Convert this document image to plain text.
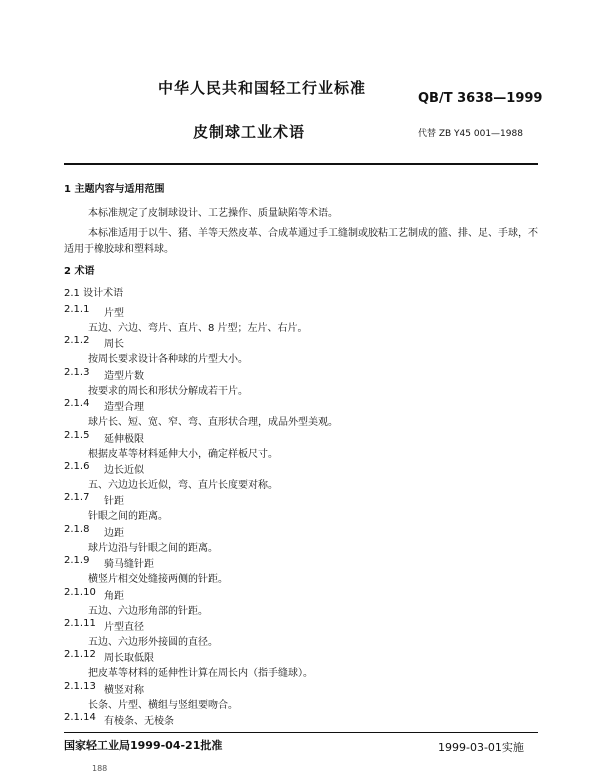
中华人民共和国轻工行业标准
QB/T 3638—1999
皮制球工业术语	代替 ZB Y45 001—1988
1 主题内容与适用范围
本标准规定了皮制球设计、工艺操作、质量缺陷等术语。
本标准适用于以牛、猪、羊等天然皮革、合成革通过手工缝制或胶粘工艺制成的篮、排、足、手球，不
适用于橡胶球和塑料球。
2 术语
2.1 设计术语
2.1.1 片型
五边、六边、弯片、直片、8 片型；左片、右片。
2.1.2 周长
按周长要求设计各种球的片型大小。
2.1.3 造型片数
按要求的周长和形状分解成若干片。
2.1.4 造型合理
球片长、短、宽、窄、弯、直形状合理，成品外型美观。
2.1.5 延伸极限
根据皮革等材料延伸大小，确定样板尺寸。
2.1.6 边长近似
五、六边边长近似，弯、直片长度要对称。
2.1.7 针距
针眼之间的距离。
2.1.8 边距
球片边沿与针眼之间的距离。
2.1.9 骑马缝针距
横竖片相交处缝接两侧的针距。
2.1.10 角距
五边、六边形角部的针距。
2.1.11 片型直径
五边、六边形外接圆的直径。
2.1.12 周长取低限
把皮革等材料的延伸性计算在周长内（指手缝球）。
2.1.13 横竖对称
长条、片型、横组与竖组要吻合。
2.1.14 有棱条、无棱条
国家轻工业局1999-04-21批准	1999-03-01实施
188
